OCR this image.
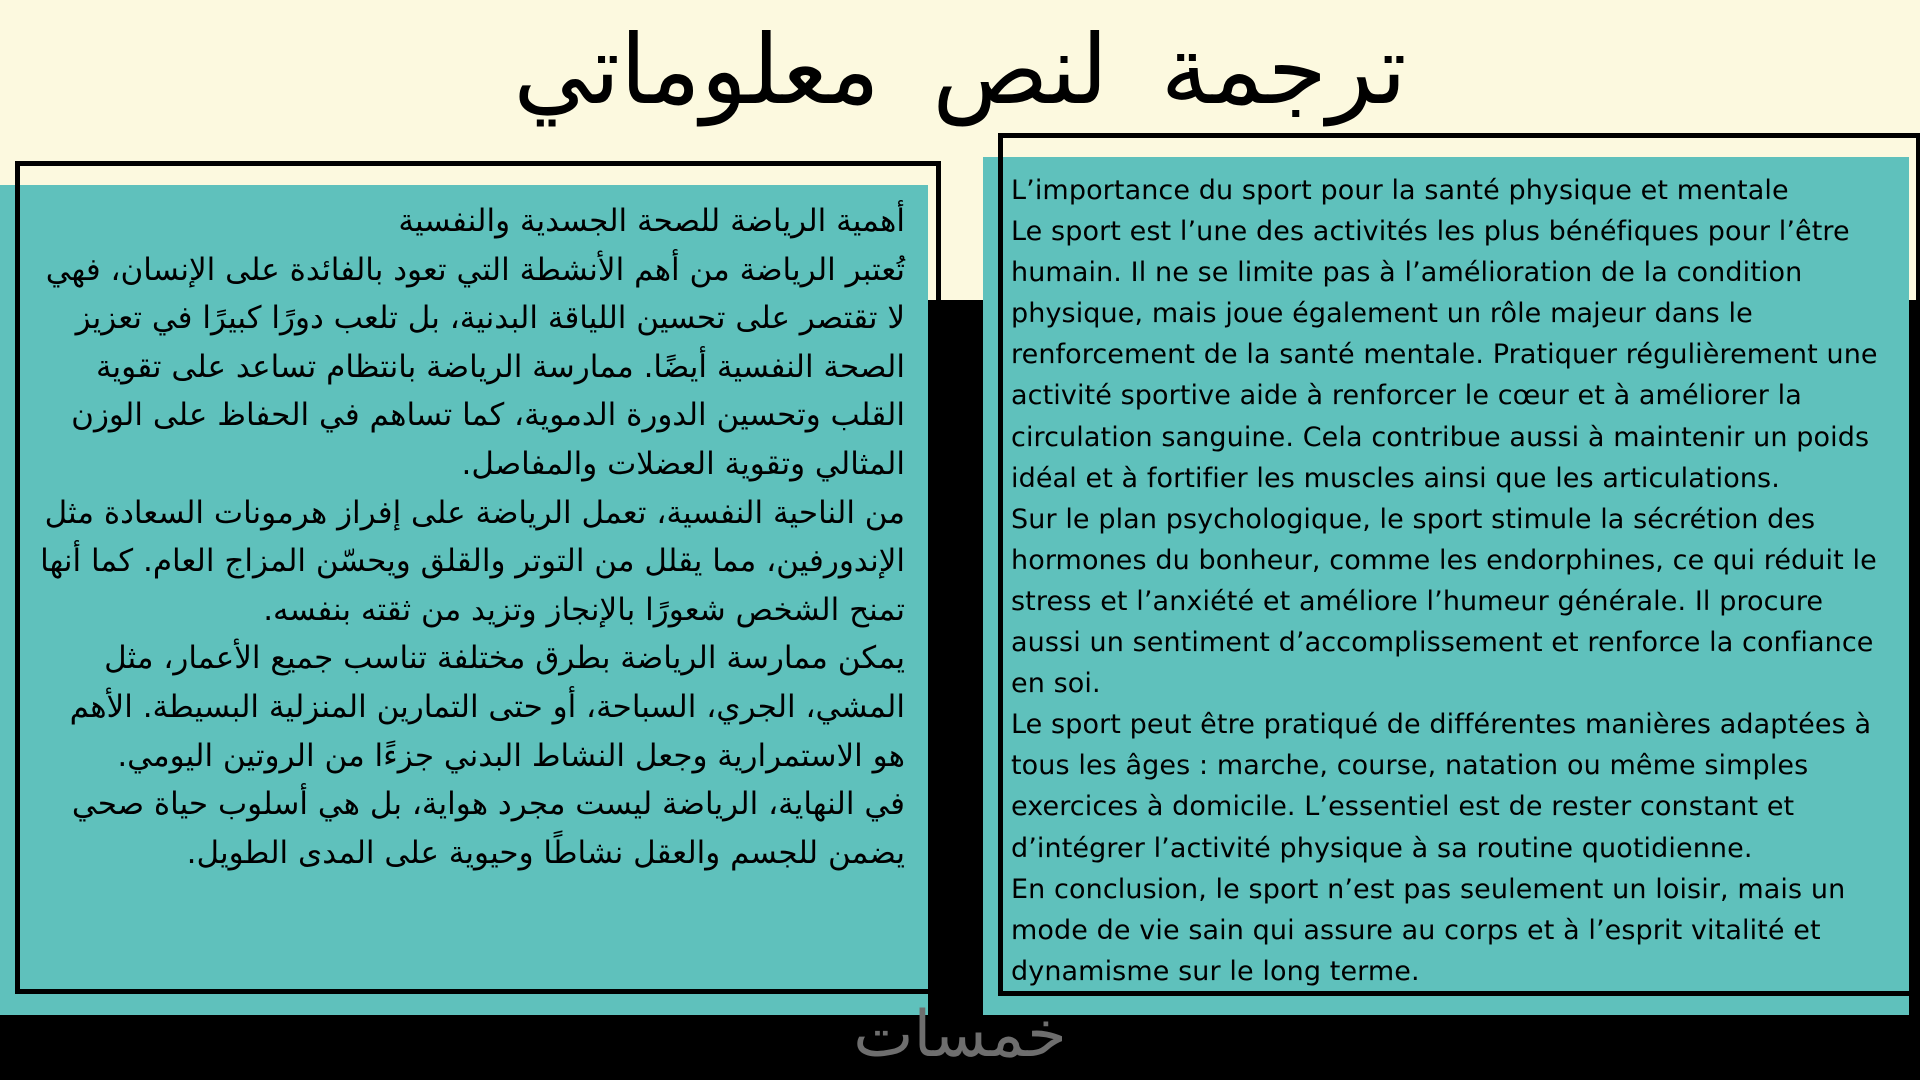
ترجمة لنص معلوماتي

أهمية الرياضة للصحة الجسدية والنفسية

تُعتبر الرياضة من أهم الأنشطة التي تعود بالفائدة على الإنسان، فهي لا تقتصر على تحسين اللياقة البدنية، بل تلعب دورًا كبيرًا في تعزيز الصحة النفسية أيضًا. ممارسة الرياضة بانتظام تساعد على تقوية القلب وتحسين الدورة الدموية، كما تساهم في الحفاظ على الوزن المثالي وتقوية العضلات والمفاصل.

من الناحية النفسية، تعمل الرياضة على إفراز هرمونات السعادة مثل الإندورفين، مما يقلل من التوتر والقلق ويحسّن المزاج العام. كما أنها تمنح الشخص شعورًا بالإنجاز وتزيد من ثقته بنفسه.

يمكن ممارسة الرياضة بطرق مختلفة تناسب جميع الأعمار، مثل المشي، الجري، السباحة، أو حتى التمارين المنزلية البسيطة. الأهم هو الاستمرارية وجعل النشاط البدني جزءًا من الروتين اليومي.

في النهاية، الرياضة ليست مجرد هواية، بل هي أسلوب حياة صحي يضمن للجسم والعقل نشاطًا وحيوية على المدى الطويل.

L’importance du sport pour la santé physique et mentale

Le sport est l’une des activités les plus bénéfiques pour l’être humain. Il ne se limite pas à l’amélioration de la condition physique, mais joue également un rôle majeur dans le renforcement de la santé mentale. Pratiquer régulièrement une activité sportive aide à renforcer le cœur et à améliorer la circulation sanguine. Cela contribue aussi à maintenir un poids idéal et à fortifier les muscles ainsi que les articulations.

Sur le plan psychologique, le sport stimule la sécrétion des hormones du bonheur, comme les endorphines, ce qui réduit le stress et l’anxiété et améliore l’humeur générale. Il procure aussi un sentiment d’accomplissement et renforce la confiance en soi.

Le sport peut être pratiqué de différentes manières adaptées à tous les âges : marche, course, natation ou même simples exercices à domicile. L’essentiel est de rester constant et d’intégrer l’activité physique à sa routine quotidienne.

En conclusion, le sport n’est pas seulement un loisir, mais un mode de vie sain qui assure au corps et à l’esprit vitalité et dynamisme sur le long terme.

خمسات
